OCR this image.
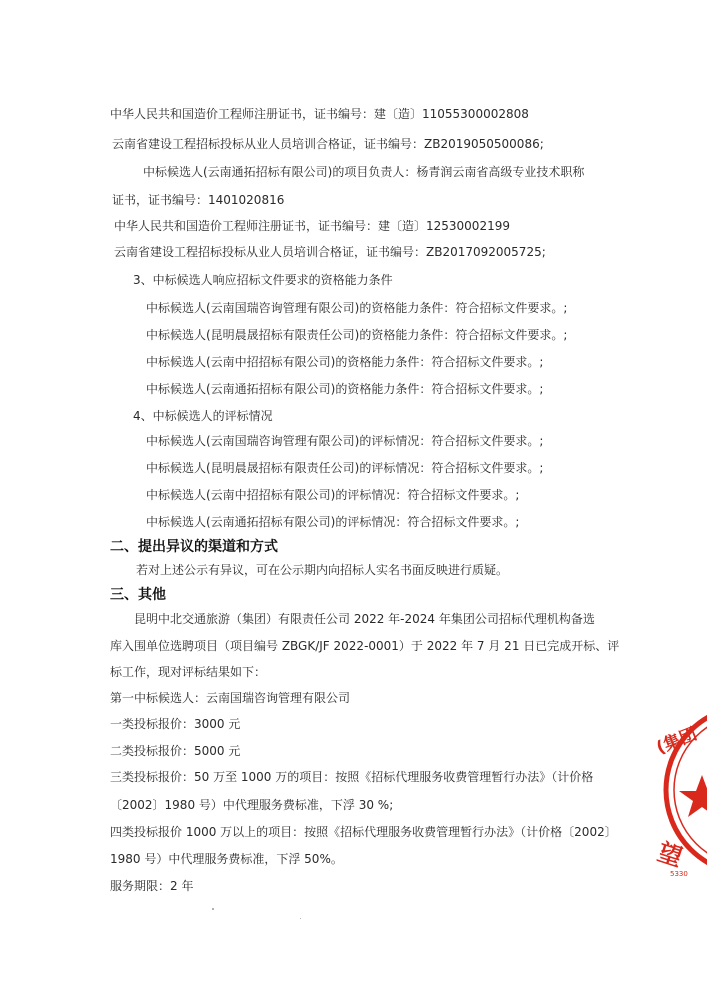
中华人民共和国造价工程师注册证书，证书编号：建〔造〕11055300002808
云南省建设工程招标投标从业人员培训合格证，证书编号：ZB2019050500086;
中标候选人(云南通拓招标有限公司)的项目负责人：杨青润云南省高级专业技术职称
证书，证书编号：1401020816
中华人民共和国造价工程师注册证书，证书编号：建〔造〕12530002199
云南省建设工程招标投标从业人员培训合格证，证书编号：ZB2017092005725;
3、中标候选人响应招标文件要求的资格能力条件
中标候选人(云南国瑞咨询管理有限公司)的资格能力条件：符合招标文件要求。;
中标候选人(昆明晨晟招标有限责任公司)的资格能力条件：符合招标文件要求。;
中标候选人(云南中招招标有限公司)的资格能力条件：符合招标文件要求。;
中标候选人(云南通拓招标有限公司)的资格能力条件：符合招标文件要求。;
4、中标候选人的评标情况
中标候选人(云南国瑞咨询管理有限公司)的评标情况：符合招标文件要求。;
中标候选人(昆明晨晟招标有限责任公司)的评标情况：符合招标文件要求。;
中标候选人(云南中招招标有限公司)的评标情况：符合招标文件要求。;
中标候选人(云南通拓招标有限公司)的评标情况：符合招标文件要求。;
二、提出异议的渠道和方式
若对上述公示有异议，可在公示期内向招标人实名书面反映进行质疑。
三、其他
昆明中北交通旅游（集团）有限责任公司 2022 年-2024 年集团公司招标代理机构备选
库入围单位选聘项目（项目编号 ZBGK/JF 2022-0001）于 2022 年 7 月 21 日已完成开标、评
标工作，现对评标结果如下：
第一中标候选人：云南国瑞咨询管理有限公司
一类投标报价：3000 元
二类投标报价：5000 元
三类投标报价：50 万至 1000 万的项目：按照《招标代理服务收费管理暂行办法》（计价格
〔2002〕1980 号）中代理服务费标准，下浮 30 %;
四类投标报价 1000 万以上的项目：按照《招标代理服务收费管理暂行办法》（计价格〔2002〕
1980 号）中代理服务费标准，下浮 50%。
服务期限：2 年
(集团
望
5330
